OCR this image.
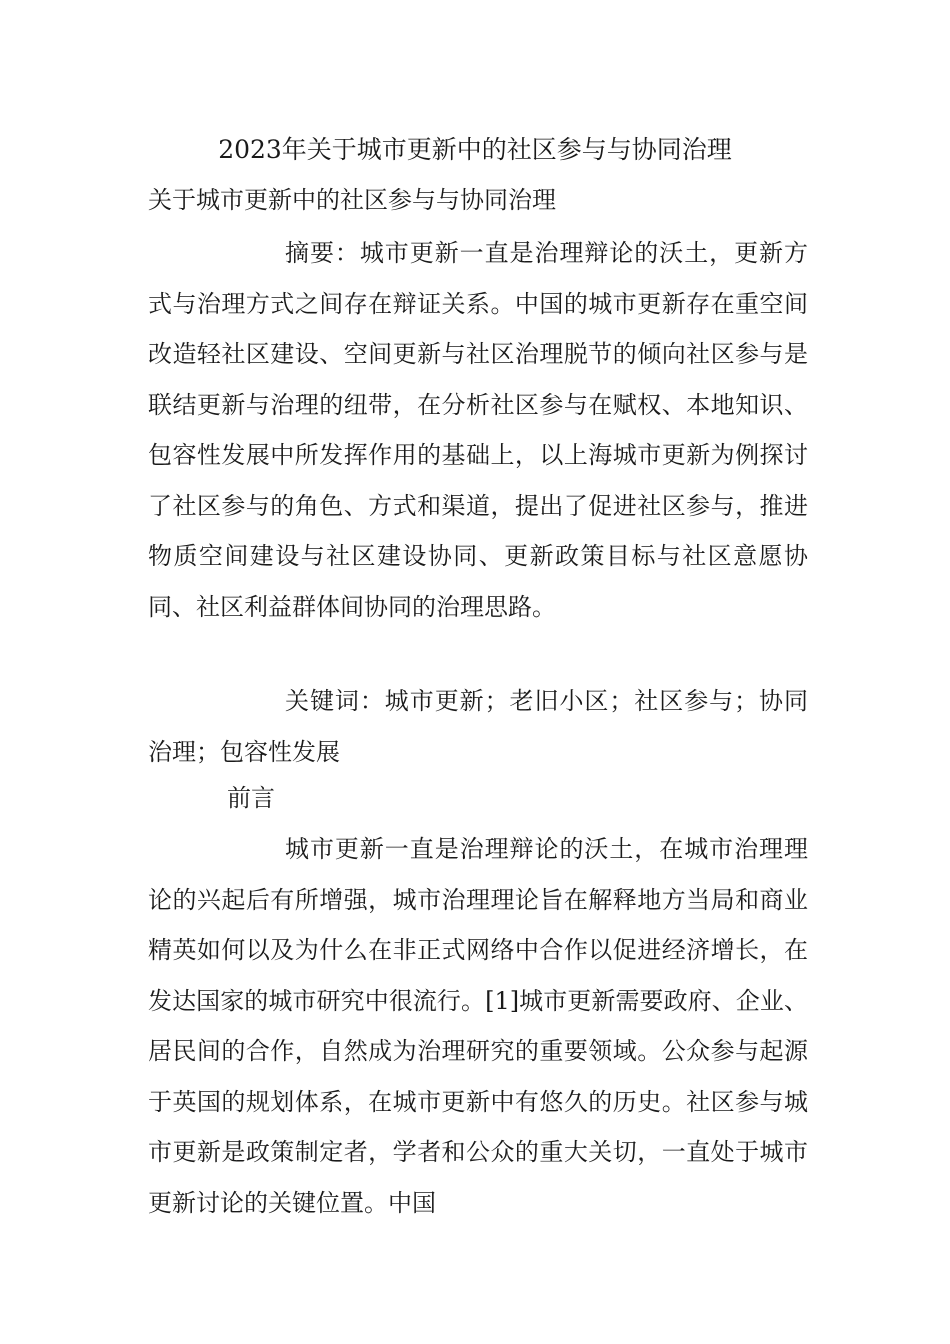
2023年关于城市更新中的社区参与与协同治理
关于城市更新中的社区参与与协同治理

摘要：城市更新一直是治理辩论的沃土，更新方式与治理方式之间存在辩证关系。中国的城市更新存在重空间改造轻社区建设、空间更新与社区治理脱节的倾向社区参与是联结更新与治理的纽带，在分析社区参与在赋权、本地知识、包容性发展中所发挥作用的基础上，以上海城市更新为例探讨了社区参与的角色、方式和渠道，提出了促进社区参与，推进物质空间建设与社区建设协同、更新政策目标与社区意愿协同、社区利益群体间协同的治理思路。

关键词：城市更新；老旧小区；社区参与；协同治理；包容性发展

前言

城市更新一直是治理辩论的沃土，在城市治理理论的兴起后有所增强，城市治理理论旨在解释地方当局和商业精英如何以及为什么在非正式网络中合作以促进经济增长，在发达国家的城市研究中很流行。[1]城市更新需要政府、企业、居民间的合作，自然成为治理研究的重要领域。公众参与起源于英国的规划体系，在城市更新中有悠久的历史。社区参与城市更新是政策制定者，学者和公众的重大关切，一直处于城市更新讨论的关键位置。中国
